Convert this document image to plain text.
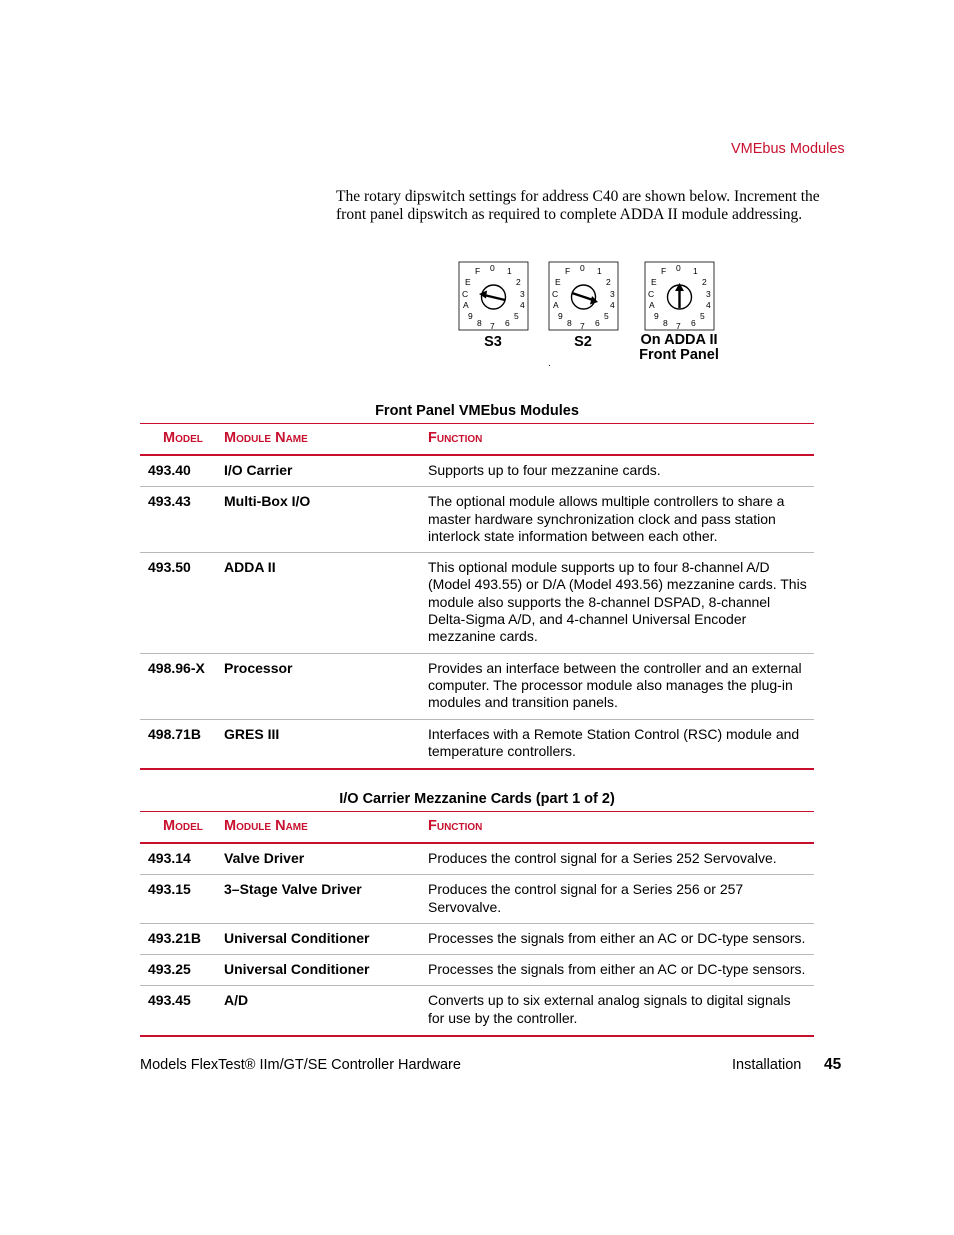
VMEbus Modules
The rotary dipswitch settings for address C40 are shown below. Increment the front panel dipswitch as required to complete ADDA II module addressing.
F 0 1
2
3
4
5
6
7
8
9
A
C
E
F 0 1
2
3
4
5
6
7
8
9
A
C
E
F 0 1
2
3
4
5
6
7
8
9
A
C
E
S3	S2	On ADDA II
Front Panel
.
Front Panel VMEbus Modules
Model	Module Name	Function
493.40	I/O Carrier	Supports up to four mezzanine cards.
493.43	Multi-Box I/O	The optional module allows multiple controllers to share a master hardware synchronization clock and pass station interlock state information between each other.
493.50	ADDA II	This optional module supports up to four 8-channel A/D (Model 493.55) or D/A (Model 493.56) mezzanine cards. This module also supports the 8-channel DSPAD, 8-channel Delta-Sigma A/D, and 4-channel Universal Encoder mezzanine cards.
498.96-X	Processor	Provides an interface between the controller and an external computer. The processor module also manages the plug-in modules and transition panels.
498.71B	GRES III	Interfaces with a Remote Station Control (RSC) module and temperature controllers.
I/O Carrier Mezzanine Cards (part 1 of 2)
Model	Module Name	Function
493.14	Valve Driver	Produces the control signal for a Series 252 Servovalve.
493.15	3–Stage Valve Driver	Produces the control signal for a Series 256 or 257 Servovalve.
493.21B	Universal Conditioner	Processes the signals from either an AC or DC-type sensors.
493.25	Universal Conditioner	Processes the signals from either an AC or DC-type sensors.
493.45	A/D	Converts up to six external analog signals to digital signals for use by the controller.
Models FlexTest® IIm/GT/SE Controller Hardware	Installation 45
